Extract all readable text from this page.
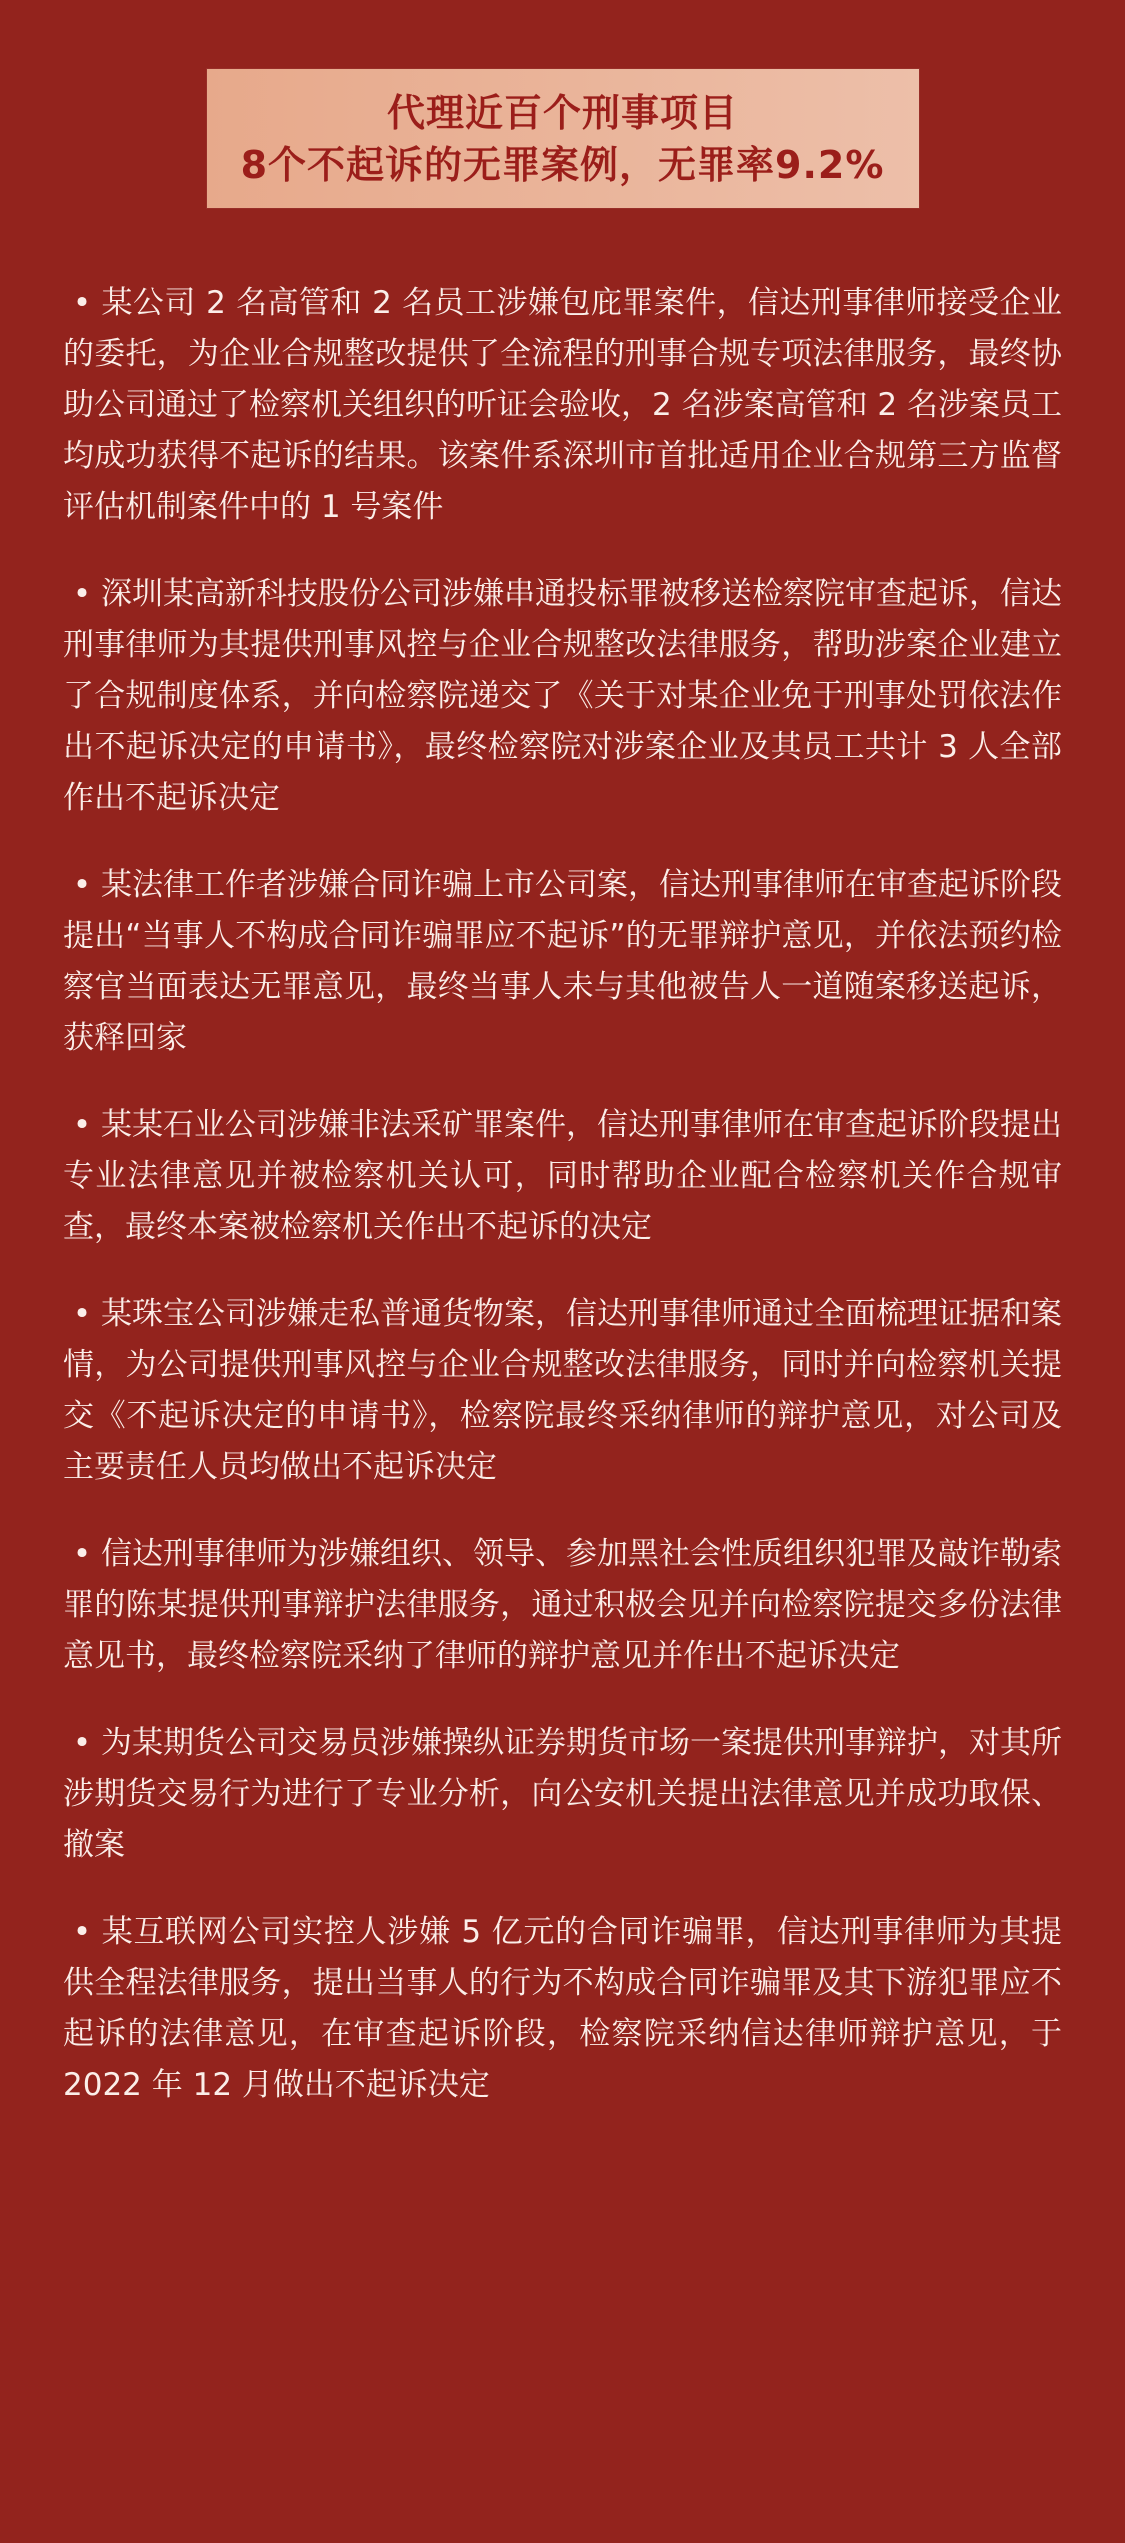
代理近百个刑事项目
8个不起诉的无罪案例，无罪率9.2%
• 某公司 2 名高管和 2 名员工涉嫌包庇罪案件，信达刑事律师接受企业的委托，为企业合规整改提供了全流程的刑事合规专项法律服务，最终协助公司通过了检察机关组织的听证会验收，2 名涉案高管和 2 名涉案员工均成功获得不起诉的结果。该案件系深圳市首批适用企业合规第三方监督评估机制案件中的 1 号案件
• 深圳某高新科技股份公司涉嫌串通投标罪被移送检察院审查起诉，信达刑事律师为其提供刑事风控与企业合规整改法律服务，帮助涉案企业建立了合规制度体系，并向检察院递交了《关于对某企业免于刑事处罚依法作出不起诉决定的申请书》，最终检察院对涉案企业及其员工共计 3 人全部作出不起诉决定
• 某法律工作者涉嫌合同诈骗上市公司案，信达刑事律师在审查起诉阶段提出“当事人不构成合同诈骗罪应不起诉”的无罪辩护意见，并依法预约检察官当面表达无罪意见，最终当事人未与其他被告人一道随案移送起诉，获释回家
• 某某石业公司涉嫌非法采矿罪案件，信达刑事律师在审查起诉阶段提出专业法律意见并被检察机关认可，同时帮助企业配合检察机关作合规审查，最终本案被检察机关作出不起诉的决定
• 某珠宝公司涉嫌走私普通货物案，信达刑事律师通过全面梳理证据和案情，为公司提供刑事风控与企业合规整改法律服务，同时并向检察机关提交《不起诉决定的申请书》，检察院最终采纳律师的辩护意见，对公司及主要责任人员均做出不起诉决定
• 信达刑事律师为涉嫌组织、领导、参加黑社会性质组织犯罪及敲诈勒索罪的陈某提供刑事辩护法律服务，通过积极会见并向检察院提交多份法律意见书，最终检察院采纳了律师的辩护意见并作出不起诉决定
• 为某期货公司交易员涉嫌操纵证券期货市场一案提供刑事辩护，对其所涉期货交易行为进行了专业分析，向公安机关提出法律意见并成功取保、撤案
• 某互联网公司实控人涉嫌 5 亿元的合同诈骗罪，信达刑事律师为其提供全程法律服务，提出当事人的行为不构成合同诈骗罪及其下游犯罪应不起诉的法律意见，在审查起诉阶段，检察院采纳信达律师辩护意见，于 2022 年 12 月做出不起诉决定
